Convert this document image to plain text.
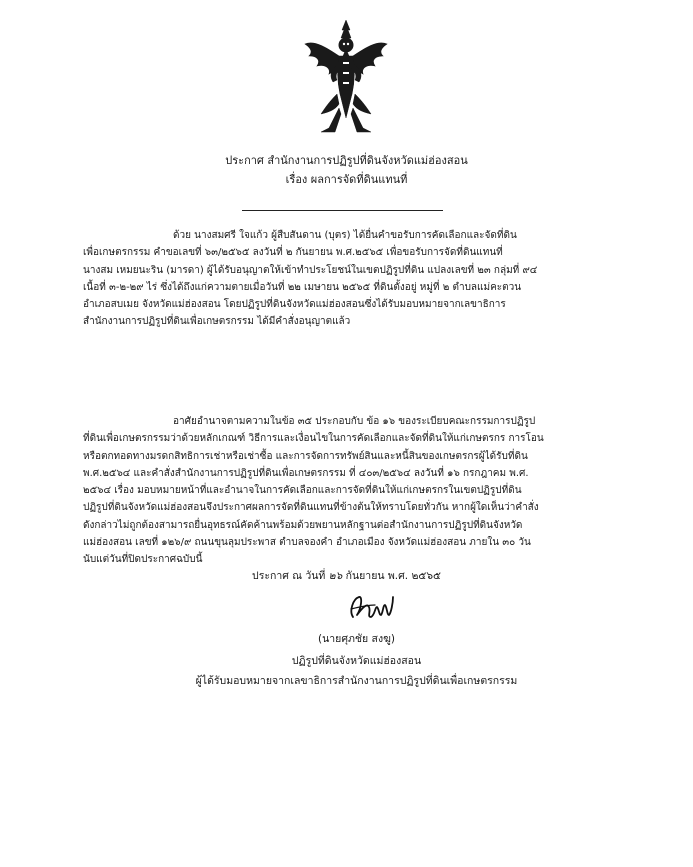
ประกาศ สำนักงานการปฏิรูปที่ดินจังหวัดแม่ฮ่องสอน
เรื่อง ผลการจัดที่ดินแทนที่
ด้วย นางสมศรี ใจแก้ว ผู้สืบสันดาน (บุตร) ได้ยื่นคำขอรับการคัดเลือกและจัดที่ดิน
เพื่อเกษตรกรรม คำขอเลขที่ ๖๓/๒๕๖๕ ลงวันที่ ๒ กันยายน พ.ศ.๒๕๖๕ เพื่อขอรับการจัดที่ดินแทนที่
นางสม เหมยนะริน (มารดา) ผู้ได้รับอนุญาตให้เข้าทำประโยชน์ในเขตปฏิรูปที่ดิน แปลงเลขที่ ๒๓ กลุ่มที่ ๙๔
เนื้อที่ ๓-๒-๒๙ ไร่ ซึ่งได้ถึงแก่ความตายเมื่อวันที่ ๒๒ เมษายน ๒๕๖๕ ที่ดินตั้งอยู่ หมู่ที่ ๒ ตำบลแม่คะตวน
อำเภอสบเมย จังหวัดแม่ฮ่องสอน โดยปฏิรูปที่ดินจังหวัดแม่ฮ่องสอนซึ่งได้รับมอบหมายจากเลขาธิการ
สำนักงานการปฏิรูปที่ดินเพื่อเกษตรกรรม ได้มีคำสั่งอนุญาตแล้ว
อาศัยอำนาจตามความในข้อ ๓๕ ประกอบกับ ข้อ ๑๖ ของระเบียบคณะกรรมการปฏิรูป
ที่ดินเพื่อเกษตรกรรมว่าด้วยหลักเกณฑ์ วิธีการและเงื่อนไขในการคัดเลือกและจัดที่ดินให้แก่เกษตรกร การโอน
หรือตกทอดทางมรดกสิทธิการเช่าหรือเช่าซื้อ และการจัดการทรัพย์สินและหนี้สินของเกษตรกรผู้ได้รับที่ดิน
พ.ศ.๒๕๖๔ และคำสั่งสำนักงานการปฏิรูปที่ดินเพื่อเกษตรกรรม ที่ ๔๐๓/๒๕๖๔ ลงวันที่ ๑๖ กรกฎาคม พ.ศ.
๒๕๖๔ เรื่อง มอบหมายหน้าที่และอำนาจในการคัดเลือกและการจัดที่ดินให้แก่เกษตรกรในเขตปฏิรูปที่ดิน
ปฏิรูปที่ดินจังหวัดแม่ฮ่องสอนจึงประกาศผลการจัดที่ดินแทนที่ข้างต้นให้ทราบโดยทั่วกัน หากผู้ใดเห็นว่าคำสั่ง
ดังกล่าวไม่ถูกต้องสามารถยื่นอุทธรณ์คัดค้านพร้อมด้วยพยานหลักฐานต่อสำนักงานการปฏิรูปที่ดินจังหวัด
แม่ฮ่องสอน เลขที่ ๑๒๖/๙ ถนนขุนลุมประพาส ตำบลจองคำ อำเภอเมือง จังหวัดแม่ฮ่องสอน ภายใน ๓๐ วัน
นับแต่วันที่ปิดประกาศฉบับนี้
ประกาศ ณ วันที่ ๒๖ กันยายน พ.ศ. ๒๕๖๕
(นายศุภชัย สงฆู)
ปฏิรูปที่ดินจังหวัดแม่ฮ่องสอน
ผู้ได้รับมอบหมายจากเลขาธิการสำนักงานการปฏิรูปที่ดินเพื่อเกษตรกรรม
